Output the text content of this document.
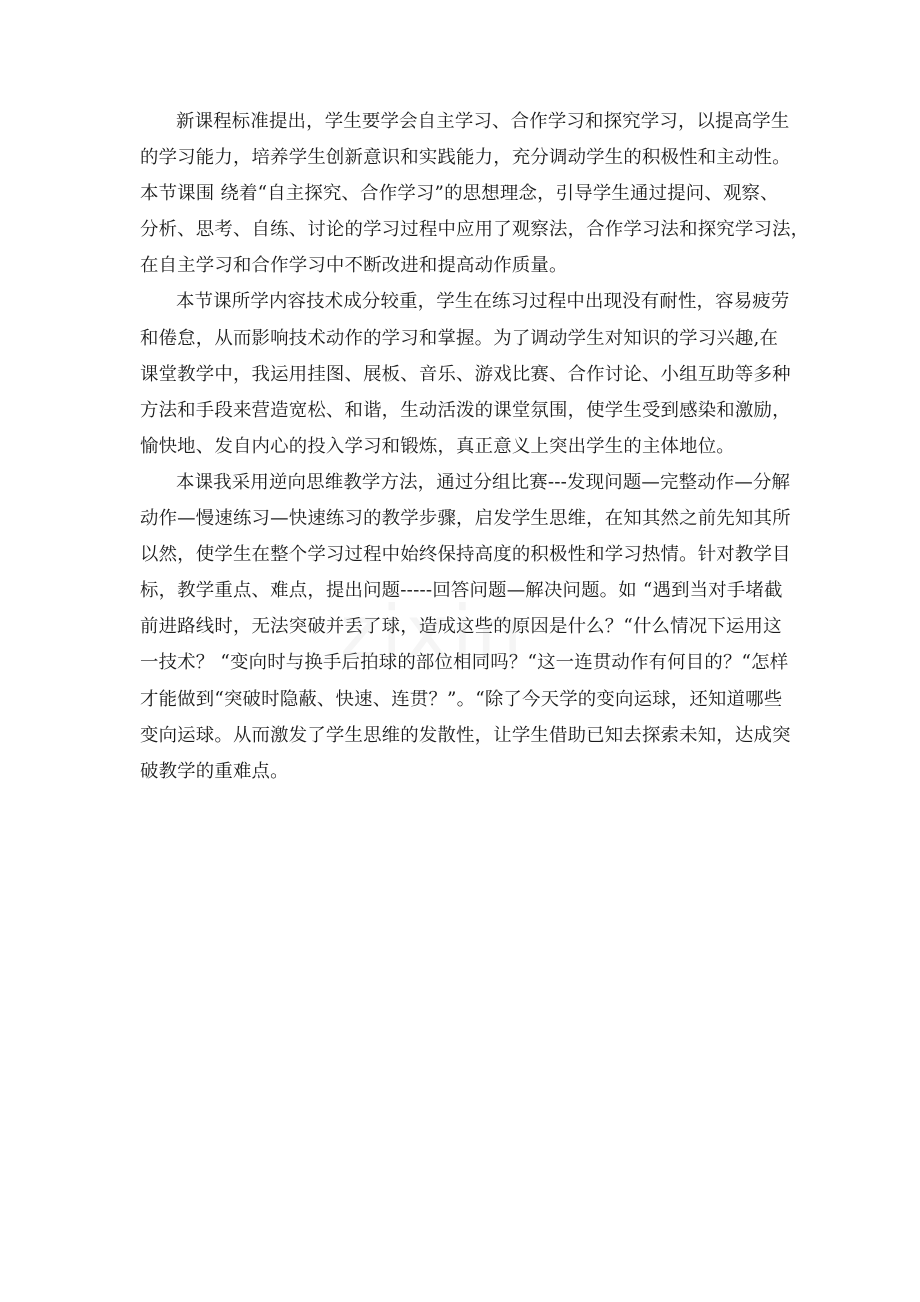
新课程标准提出，学生要学会自主学习、合作学习和探究学习，以提高学生
的学习能力，培养学生创新意识和实践能力，充分调动学生的积极性和主动性。
本节课围 绕着“自主探究、合作学习”的思想理念，引导学生通过提问、观察、
分析、思考、自练、讨论的学习过程中应用了观察法，合作学习法和探究学习法，
在自主学习和合作学习中不断改进和提高动作质量。

本节课所学内容技术成分较重，学生在练习过程中出现没有耐性，容易疲劳
和倦怠，从而影响技术动作的学习和掌握。为了调动学生对知识的学习兴趣,在
课堂教学中，我运用挂图、展板、音乐、游戏比赛、合作讨论、小组互助等多种
方法和手段来营造宽松、和谐，生动活泼的课堂氛围，使学生受到感染和激励，
愉快地、发自内心的投入学习和锻炼，真正意义上突出学生的主体地位。

本课我采用逆向思维教学方法，通过分组比赛---发现问题—完整动作—分解
动作—慢速练习—快速练习的教学步骤，启发学生思维，在知其然之前先知其所
以然，使学生在整个学习过程中始终保持高度的积极性和学习热情。针对教学目
标，教学重点、难点，提出问题-----回答问题—解决问题。如 “遇到当对手堵截
前进路线时，无法突破并丢了球，造成这些的原因是什么？“什么情况下运用这
一技术？ “变向时与换手后拍球的部位相同吗？“这一连贯动作有何目的？“怎样
才能做到“突破时隐蔽、快速、连贯？”。“除了今天学的变向运球，还知道哪些
变向运球。从而激发了学生思维的发散性，让学生借助已知去探索未知，达成突
破教学的重难点。

zixin
